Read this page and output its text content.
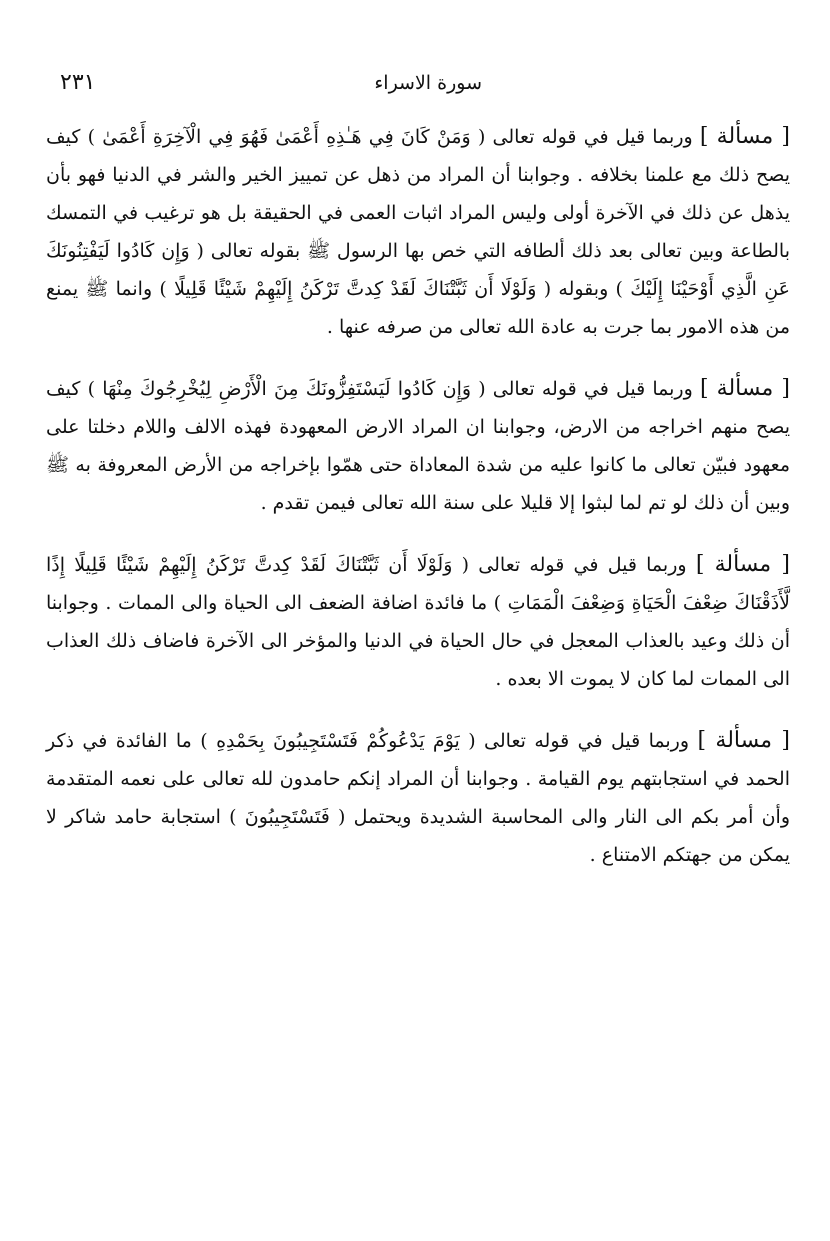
سورة الاسراء
٢٣١

[ مسألة ] وربما قيل في قوله تعالى ( وَمَنْ كَانَ فِي هَـٰذِهِ أَعْمَىٰ فَهُوَ فِي الْآخِرَةِ أَعْمَىٰ ) كيف يصح ذلك مع علمنا بخلافه . وجوابنا أن المراد من ذهل عن تمييز الخير والشر في الدنيا فهو بأن يذهل عن ذلك في الآخرة أولى وليس المراد اثبات العمى في الحقيقة بل هو ترغيب في التمسك بالطاعة وبين تعالى بعد ذلك ألطافه التي خص بها الرسول ﷺ بقوله تعالى ( وَإِن كَادُوا لَيَفْتِنُونَكَ عَنِ الَّذِي أَوْحَيْنَا إِلَيْكَ ) وبقوله ( وَلَوْلَا أَن ثَبَّتْنَاكَ لَقَدْ كِدتَّ تَرْكَنُ إِلَيْهِمْ شَيْئًا قَلِيلًا ) وانما ﷺ يمنع من هذه الامور بما جرت به عادة الله تعالى من صرفه عنها .

[ مسألة ] وربما قيل في قوله تعالى ( وَإِن كَادُوا لَيَسْتَفِزُّونَكَ مِنَ الْأَرْضِ لِيُخْرِجُوكَ مِنْهَا ) كيف يصح منهم اخراجه من الارض، وجوابنا ان المراد الارض المعهودة فهذه الالف واللام دخلتا على معهود فبيّن تعالى ما كانوا عليه من شدة المعاداة حتى همّوا بإخراجه من الأرض المعروفة به ﷺ وبين أن ذلك لو تم لما لبثوا إلا قليلا على سنة الله تعالى فيمن تقدم .

[ مسألة ] وربما قيل في قوله تعالى ( وَلَوْلَا أَن ثَبَّتْنَاكَ لَقَدْ كِدتَّ تَرْكَنُ إِلَيْهِمْ شَيْئًا قَلِيلًا إِذًا لَّأَذَقْنَاكَ ضِعْفَ الْحَيَاةِ وَضِعْفَ الْمَمَاتِ ) ما فائدة اضافة الضعف الى الحياة والى الممات . وجوابنا أن ذلك وعيد بالعذاب المعجل في حال الحياة في الدنيا والمؤخر الى الآخرة فاضاف ذلك العذاب الى الممات لما كان لا يموت الا بعده .

[ مسألة ] وربما قيل في قوله تعالى ( يَوْمَ يَدْعُوكُمْ فَتَسْتَجِيبُونَ بِحَمْدِهِ ) ما الفائدة في ذكر الحمد في استجابتهم يوم القيامة . وجوابنا أن المراد إنكم حامدون لله تعالى على نعمه المتقدمة وأن أمر بكم الى النار والى المحاسبة الشديدة ويحتمل ( فَتَسْتَجِيبُونَ ) استجابة حامد شاكر لا يمكن من جهتكم الامتناع .
